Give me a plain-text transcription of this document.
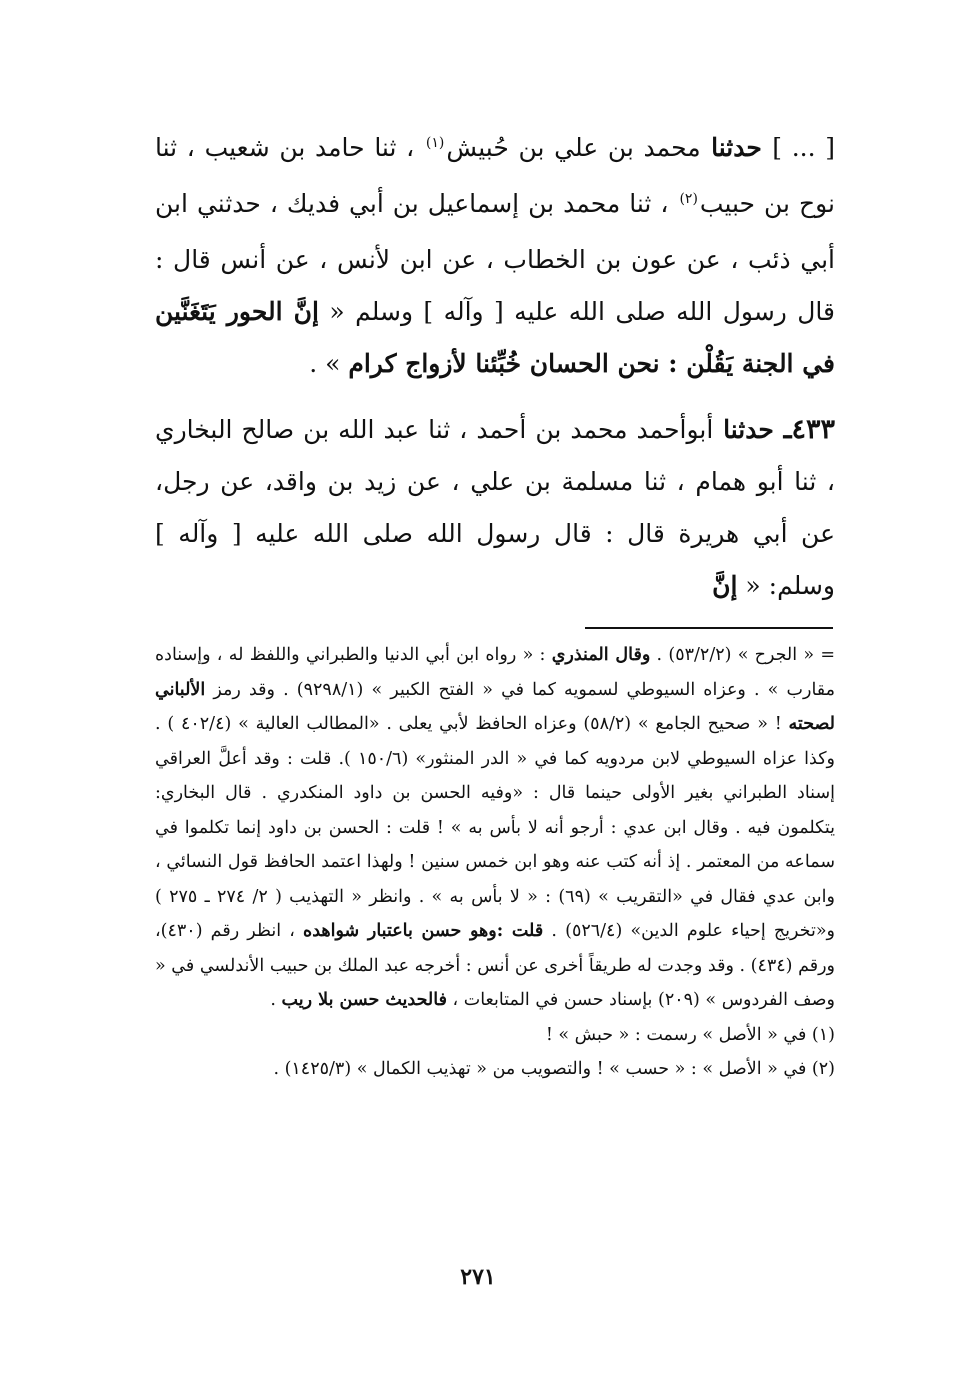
[ ... ] حدثنا محمد بن علي بن حُبيش$^{(١)}$ ، ثنا حامد بن شعيب ، ثنا نوح بن حبيب$^{(٢)}$ ، ثنا محمد بن إسماعيل بن أبي فديك ، حدثني ابن أبي ذئب ، عن عون بن الخطاب ، عن ابن لأنس ، عن أنس قال : قال رسول الله صلى الله عليه [ وآله ] وسلم « إنَّ الحور يَتَغَنَّين في الجنة يَقُلْن : نحن الحسان خُبِّئنا لأزواج كرام » .

٤٣٣ـ حدثنا أبوأحمد محمد بن أحمد ، ثنا عبد الله بن صالح البخاري ، ثنا أبو همام ، ثنا مسلمة بن علي ، عن زيد بن واقد، عن رجل، عن أبي هريرة قال : قال رسول الله صلى الله عليه [ وآله ] وسلم: « إنَّ

= « الجرح » (٥٣/٢/٢) . وقال المنذري : « رواه ابن أبي الدنيا والطبراني واللفظ له ، وإسناده مقارب » . وعزاه السيوطي لسمويه كما في « الفتح الكبير » (٩٢٩٨/١) . وقد رمز الألباني لصحته ! « صحيح الجامع » (٥٨/٢) وعزاه الحافظ لأبي يعلى . «المطالب العالية » (٤٠٢/٤ ) . وكذا عزاه السيوطي لابن مردويه كما في « الدر المنثور» (١٥٠/٦ ). قلت : وقد أعلَّ العراقي إسناد الطبراني بغير الأولى حينما قال : «وفيه الحسن بن داود المنكدري . قال البخاري: يتكلمون فيه . وقال ابن عدي : أرجو أنه لا بأس به » ! قلت : الحسن بن داود إنما تكلموا في سماعه من المعتمر . إذ أنه كتب عنه وهو ابن خمس سنين ! ولهذا اعتمد الحافظ قول النسائي ، وابن عدي فقال في «التقريب » (٦٩) : « لا بأس به » . وانظر « التهذيب ( ٢/ ٢٧٤ ـ ٢٧٥ ) و«تخريج إحياء علوم الدين» (٥٢٦/٤) . قلت :وهو حسن باعتبار شواهده ، انظر رقم (٤٣٠)، ورقم (٤٣٤) . وقد وجدت له طريقاً أخرى عن أنس : أخرجه عبد الملك بن حبيب الأندلسي في « وصف الفردوس » (٢٠٩) بإسناد حسن في المتابعات ، فالحديث حسن بلا ريب .

(١) في « الأصل » رسمت : « حبش » !

(٢) في « الأصل » : « حسب » ! والتصويب من « تهذيب الكمال » (١٤٢٥/٣) .

٢٧١
